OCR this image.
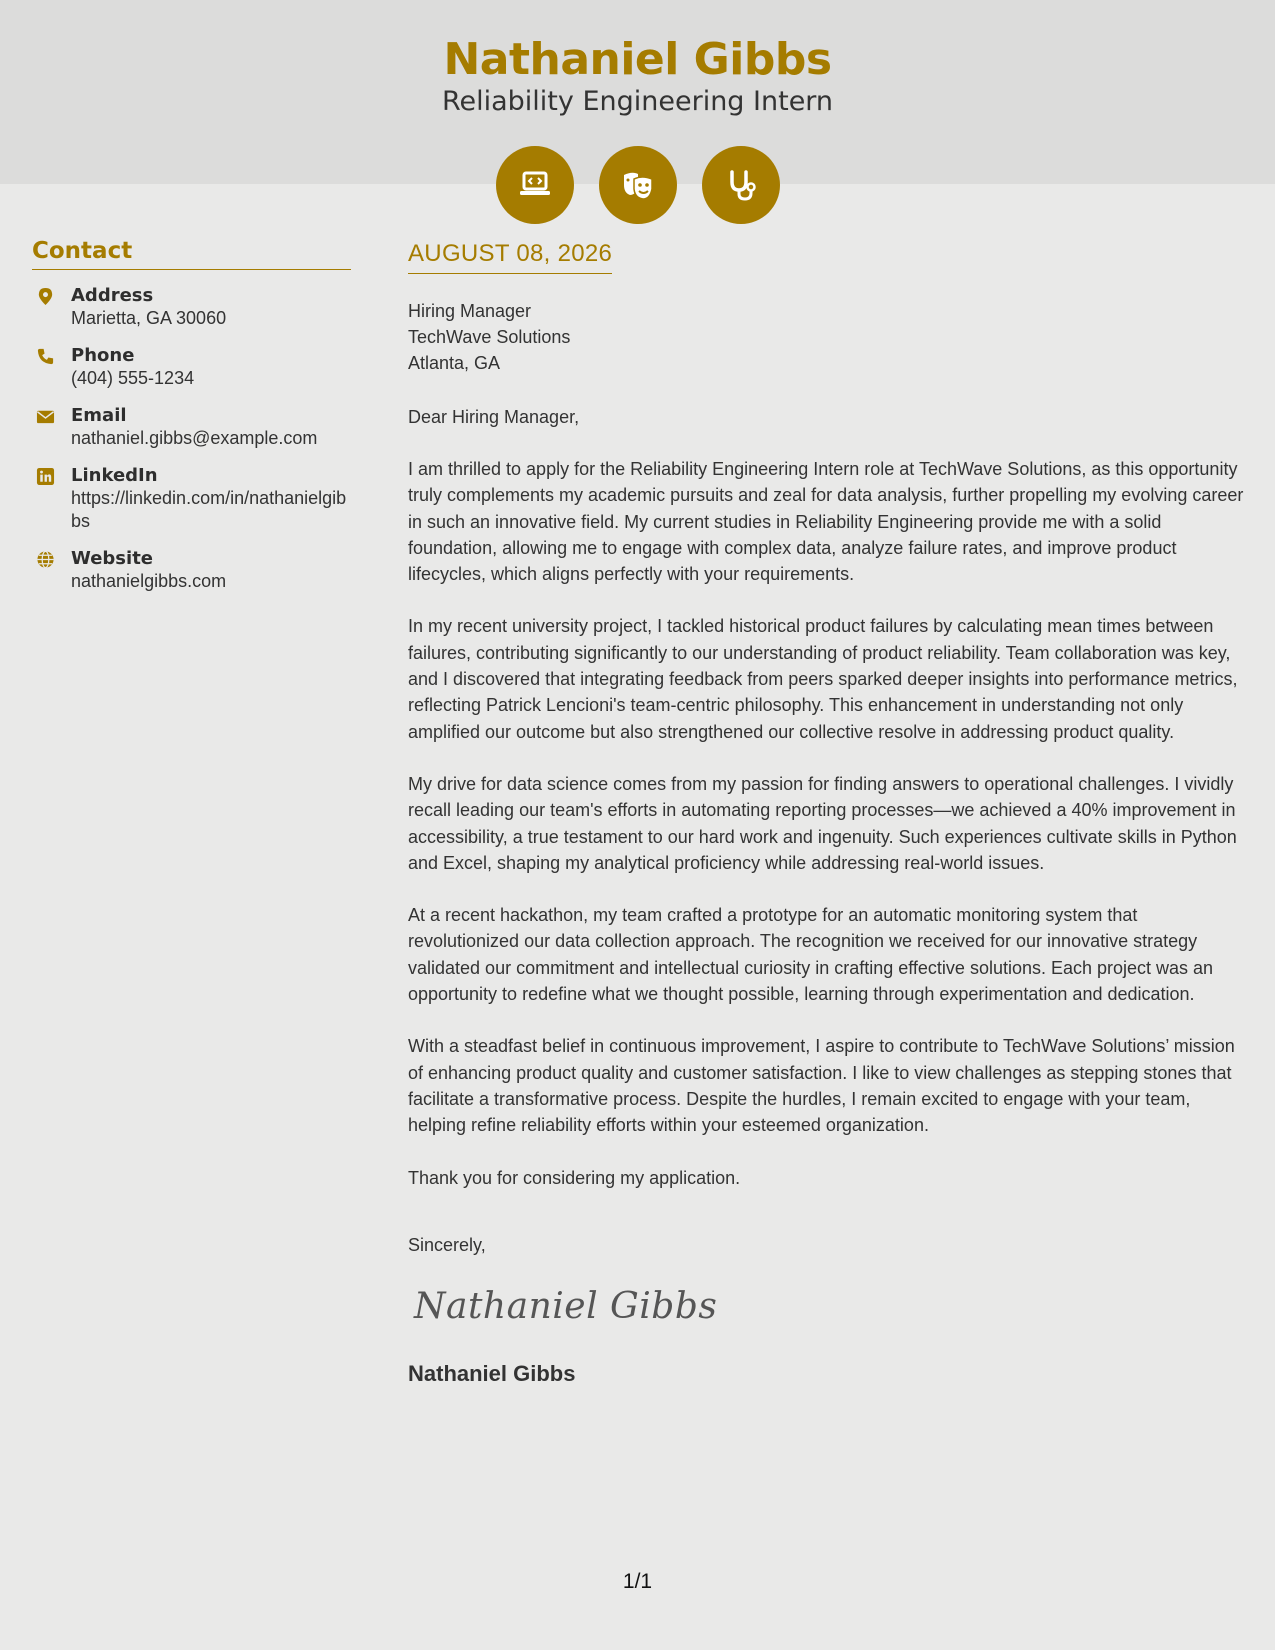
Nathaniel Gibbs
Reliability Engineering Intern
Contact
Address
Marietta, GA 30060
Phone
(404) 555-1234
Email
nathaniel.gibbs@example.com
LinkedIn
https://linkedin.com/in/nathanielgibbs
Website
nathanielgibbs.com
AUGUST 08, 2026
Hiring Manager
TechWave Solutions
Atlanta, GA
Dear Hiring Manager,

I am thrilled to apply for the Reliability Engineering Intern role at TechWave Solutions, as this opportunity truly complements my academic pursuits and zeal for data analysis, further propelling my evolving career in such an innovative field. My current studies in Reliability Engineering provide me with a solid foundation, allowing me to engage with complex data, analyze failure rates, and improve product lifecycles, which aligns perfectly with your requirements.

In my recent university project, I tackled historical product failures by calculating mean times between failures, contributing significantly to our understanding of product reliability. Team collaboration was key, and I discovered that integrating feedback from peers sparked deeper insights into performance metrics, reflecting Patrick Lencioni's team-centric philosophy. This enhancement in understanding not only amplified our outcome but also strengthened our collective resolve in addressing product quality.

My drive for data science comes from my passion for finding answers to operational challenges. I vividly recall leading our team's efforts in automating reporting processes—we achieved a 40% improvement in accessibility, a true testament to our hard work and ingenuity. Such experiences cultivate skills in Python and Excel, shaping my analytical proficiency while addressing real-world issues.

At a recent hackathon, my team crafted a prototype for an automatic monitoring system that revolutionized our data collection approach. The recognition we received for our innovative strategy validated our commitment and intellectual curiosity in crafting effective solutions. Each project was an opportunity to redefine what we thought possible, learning through experimentation and dedication.

With a steadfast belief in continuous improvement, I aspire to contribute to TechWave Solutions’ mission of enhancing product quality and customer satisfaction. I like to view challenges as stepping stones that facilitate a transformative process. Despite the hurdles, I remain excited to engage with your team, helping refine reliability efforts within your esteemed organization.

Thank you for considering my application.

Sincerely,
Nathaniel Gibbs
Nathaniel Gibbs
1/1
